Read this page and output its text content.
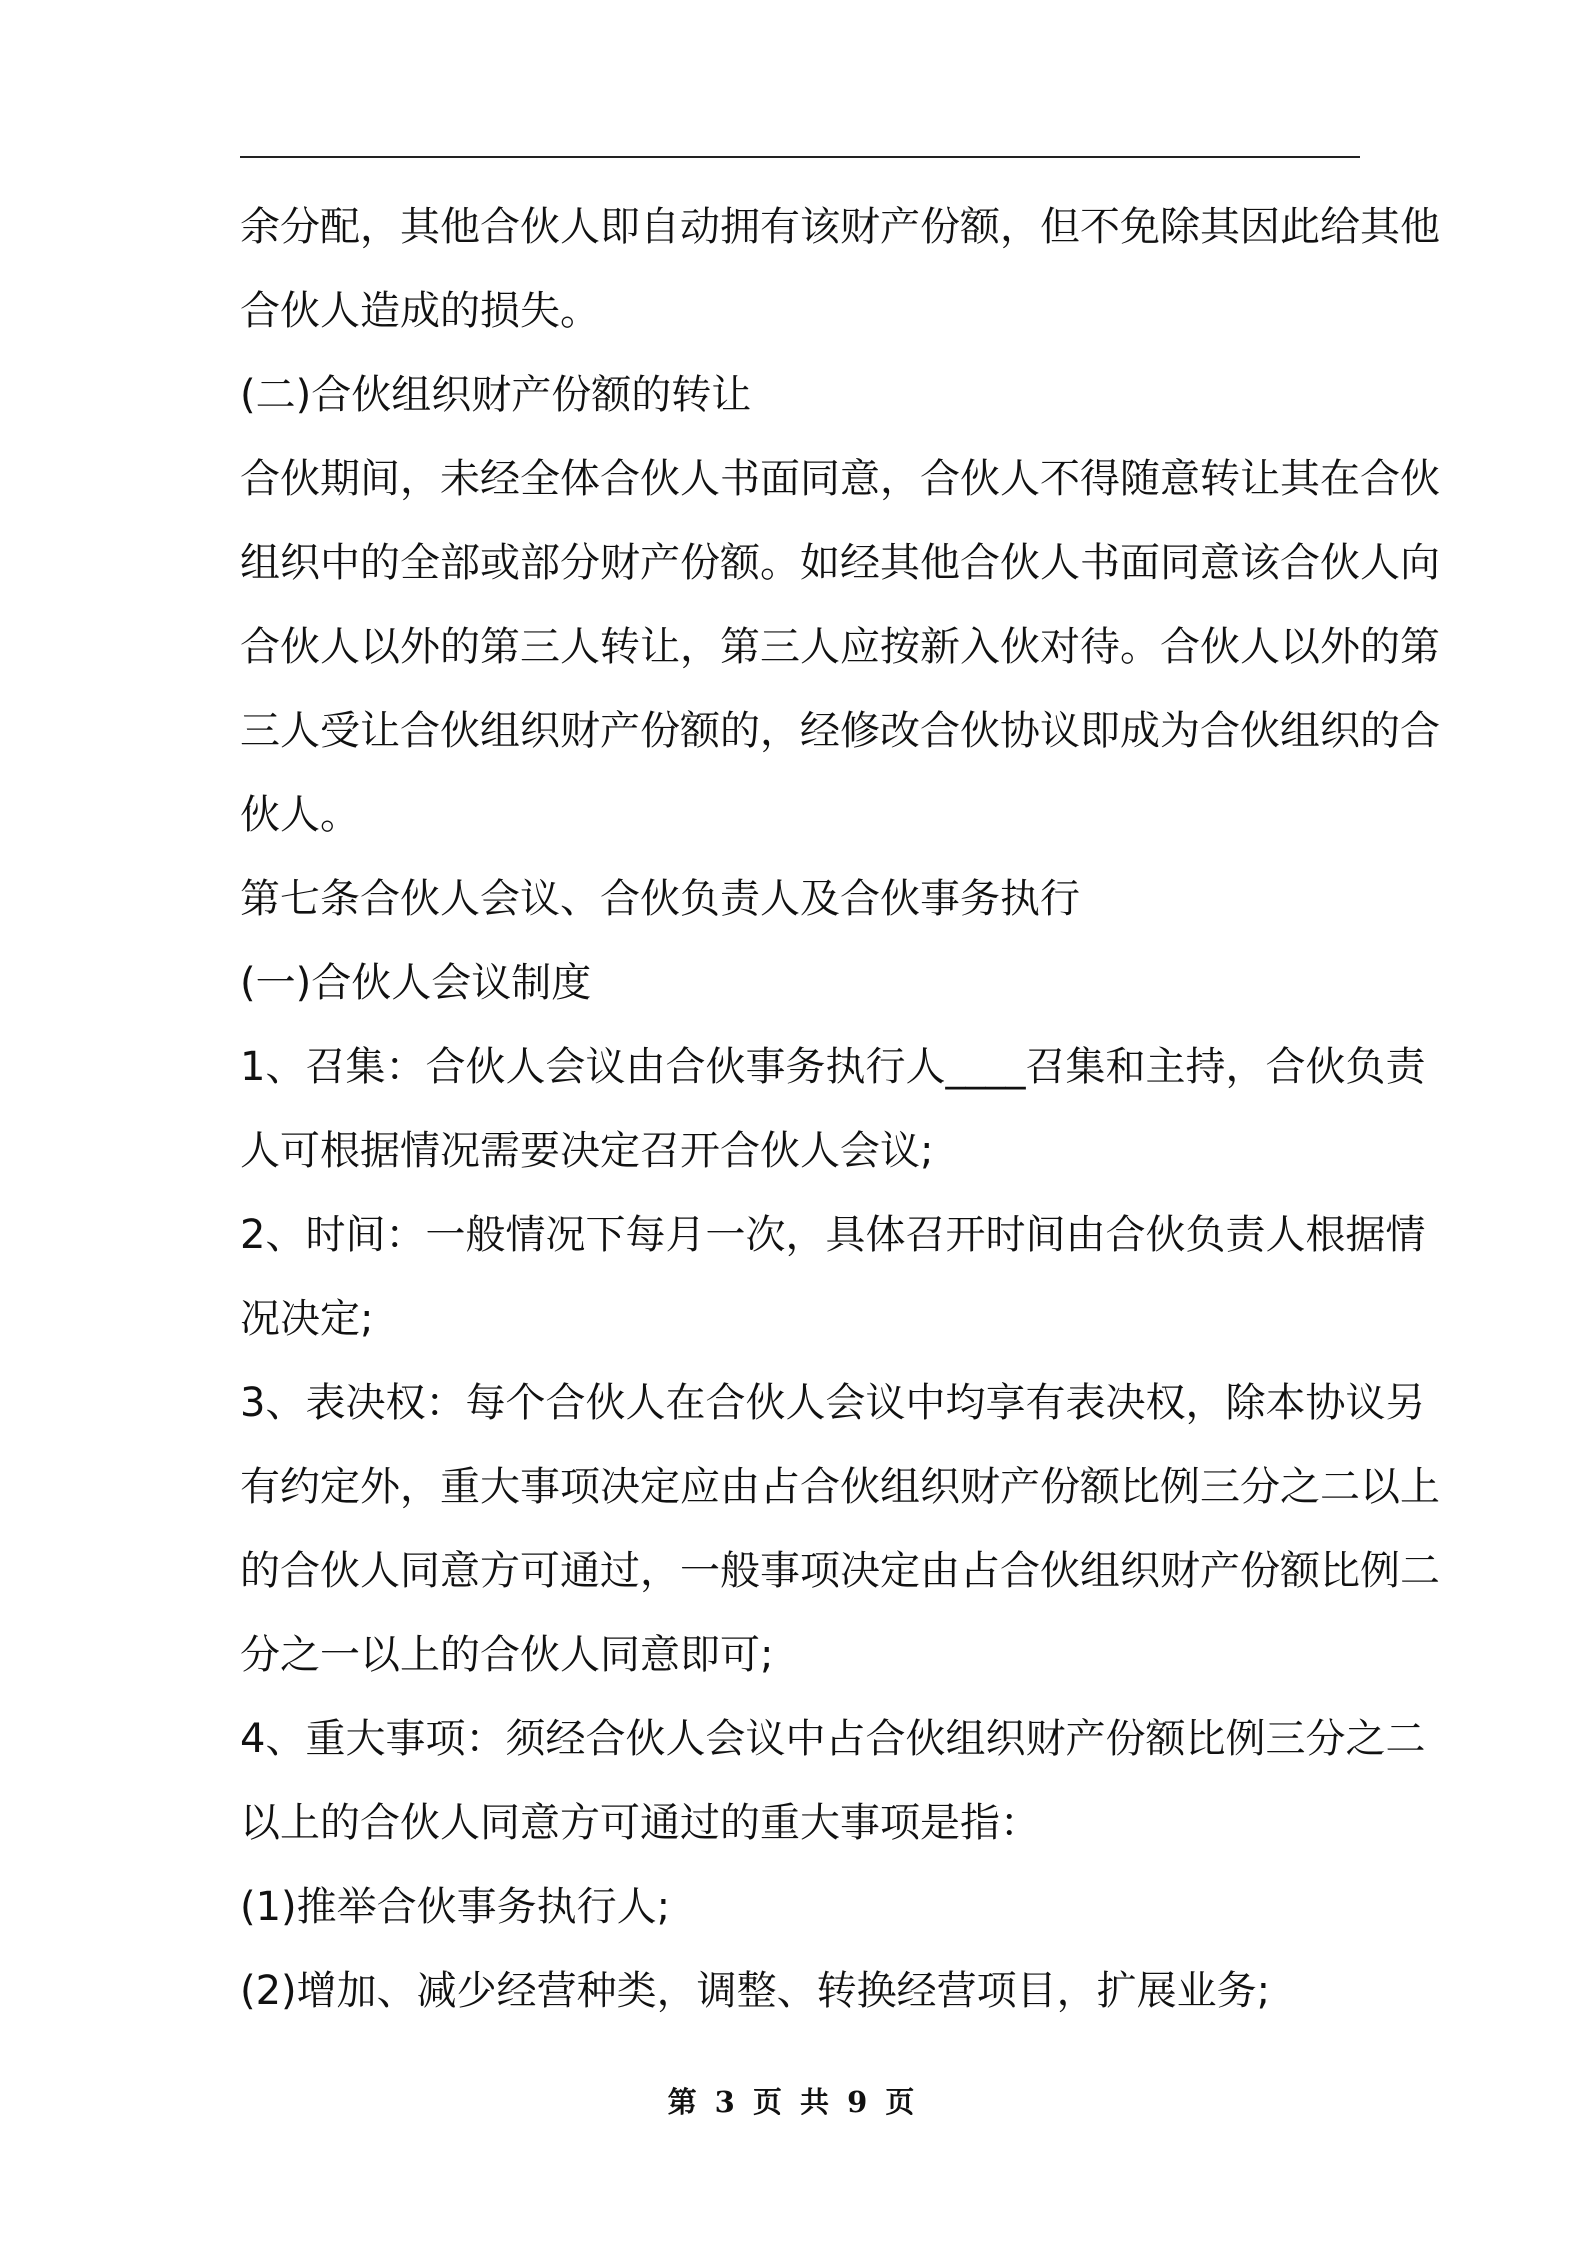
余分配，其他合伙人即自动拥有该财产份额，但不免除其因此给其他
合伙人造成的损失。
(二)合伙组织财产份额的转让
合伙期间，未经全体合伙人书面同意，合伙人不得随意转让其在合伙
组织中的全部或部分财产份额。如经其他合伙人书面同意该合伙人向
合伙人以外的第三人转让，第三人应按新入伙对待。合伙人以外的第
三人受让合伙组织财产份额的，经修改合伙协议即成为合伙组织的合
伙人。
第七条合伙人会议、合伙负责人及合伙事务执行
(一)合伙人会议制度
1、召集：合伙人会议由合伙事务执行人____召集和主持，合伙负责
人可根据情况需要决定召开合伙人会议;
2、时间：一般情况下每月一次，具体召开时间由合伙负责人根据情
况决定;
3、表决权：每个合伙人在合伙人会议中均享有表决权，除本协议另
有约定外，重大事项决定应由占合伙组织财产份额比例三分之二以上
的合伙人同意方可通过，一般事项决定由占合伙组织财产份额比例二
分之一以上的合伙人同意即可;
4、重大事项：须经合伙人会议中占合伙组织财产份额比例三分之二
以上的合伙人同意方可通过的重大事项是指：
(1)推举合伙事务执行人;
(2)增加、减少经营种类，调整、转换经营项目，扩展业务;
第 3 页 共 9 页
